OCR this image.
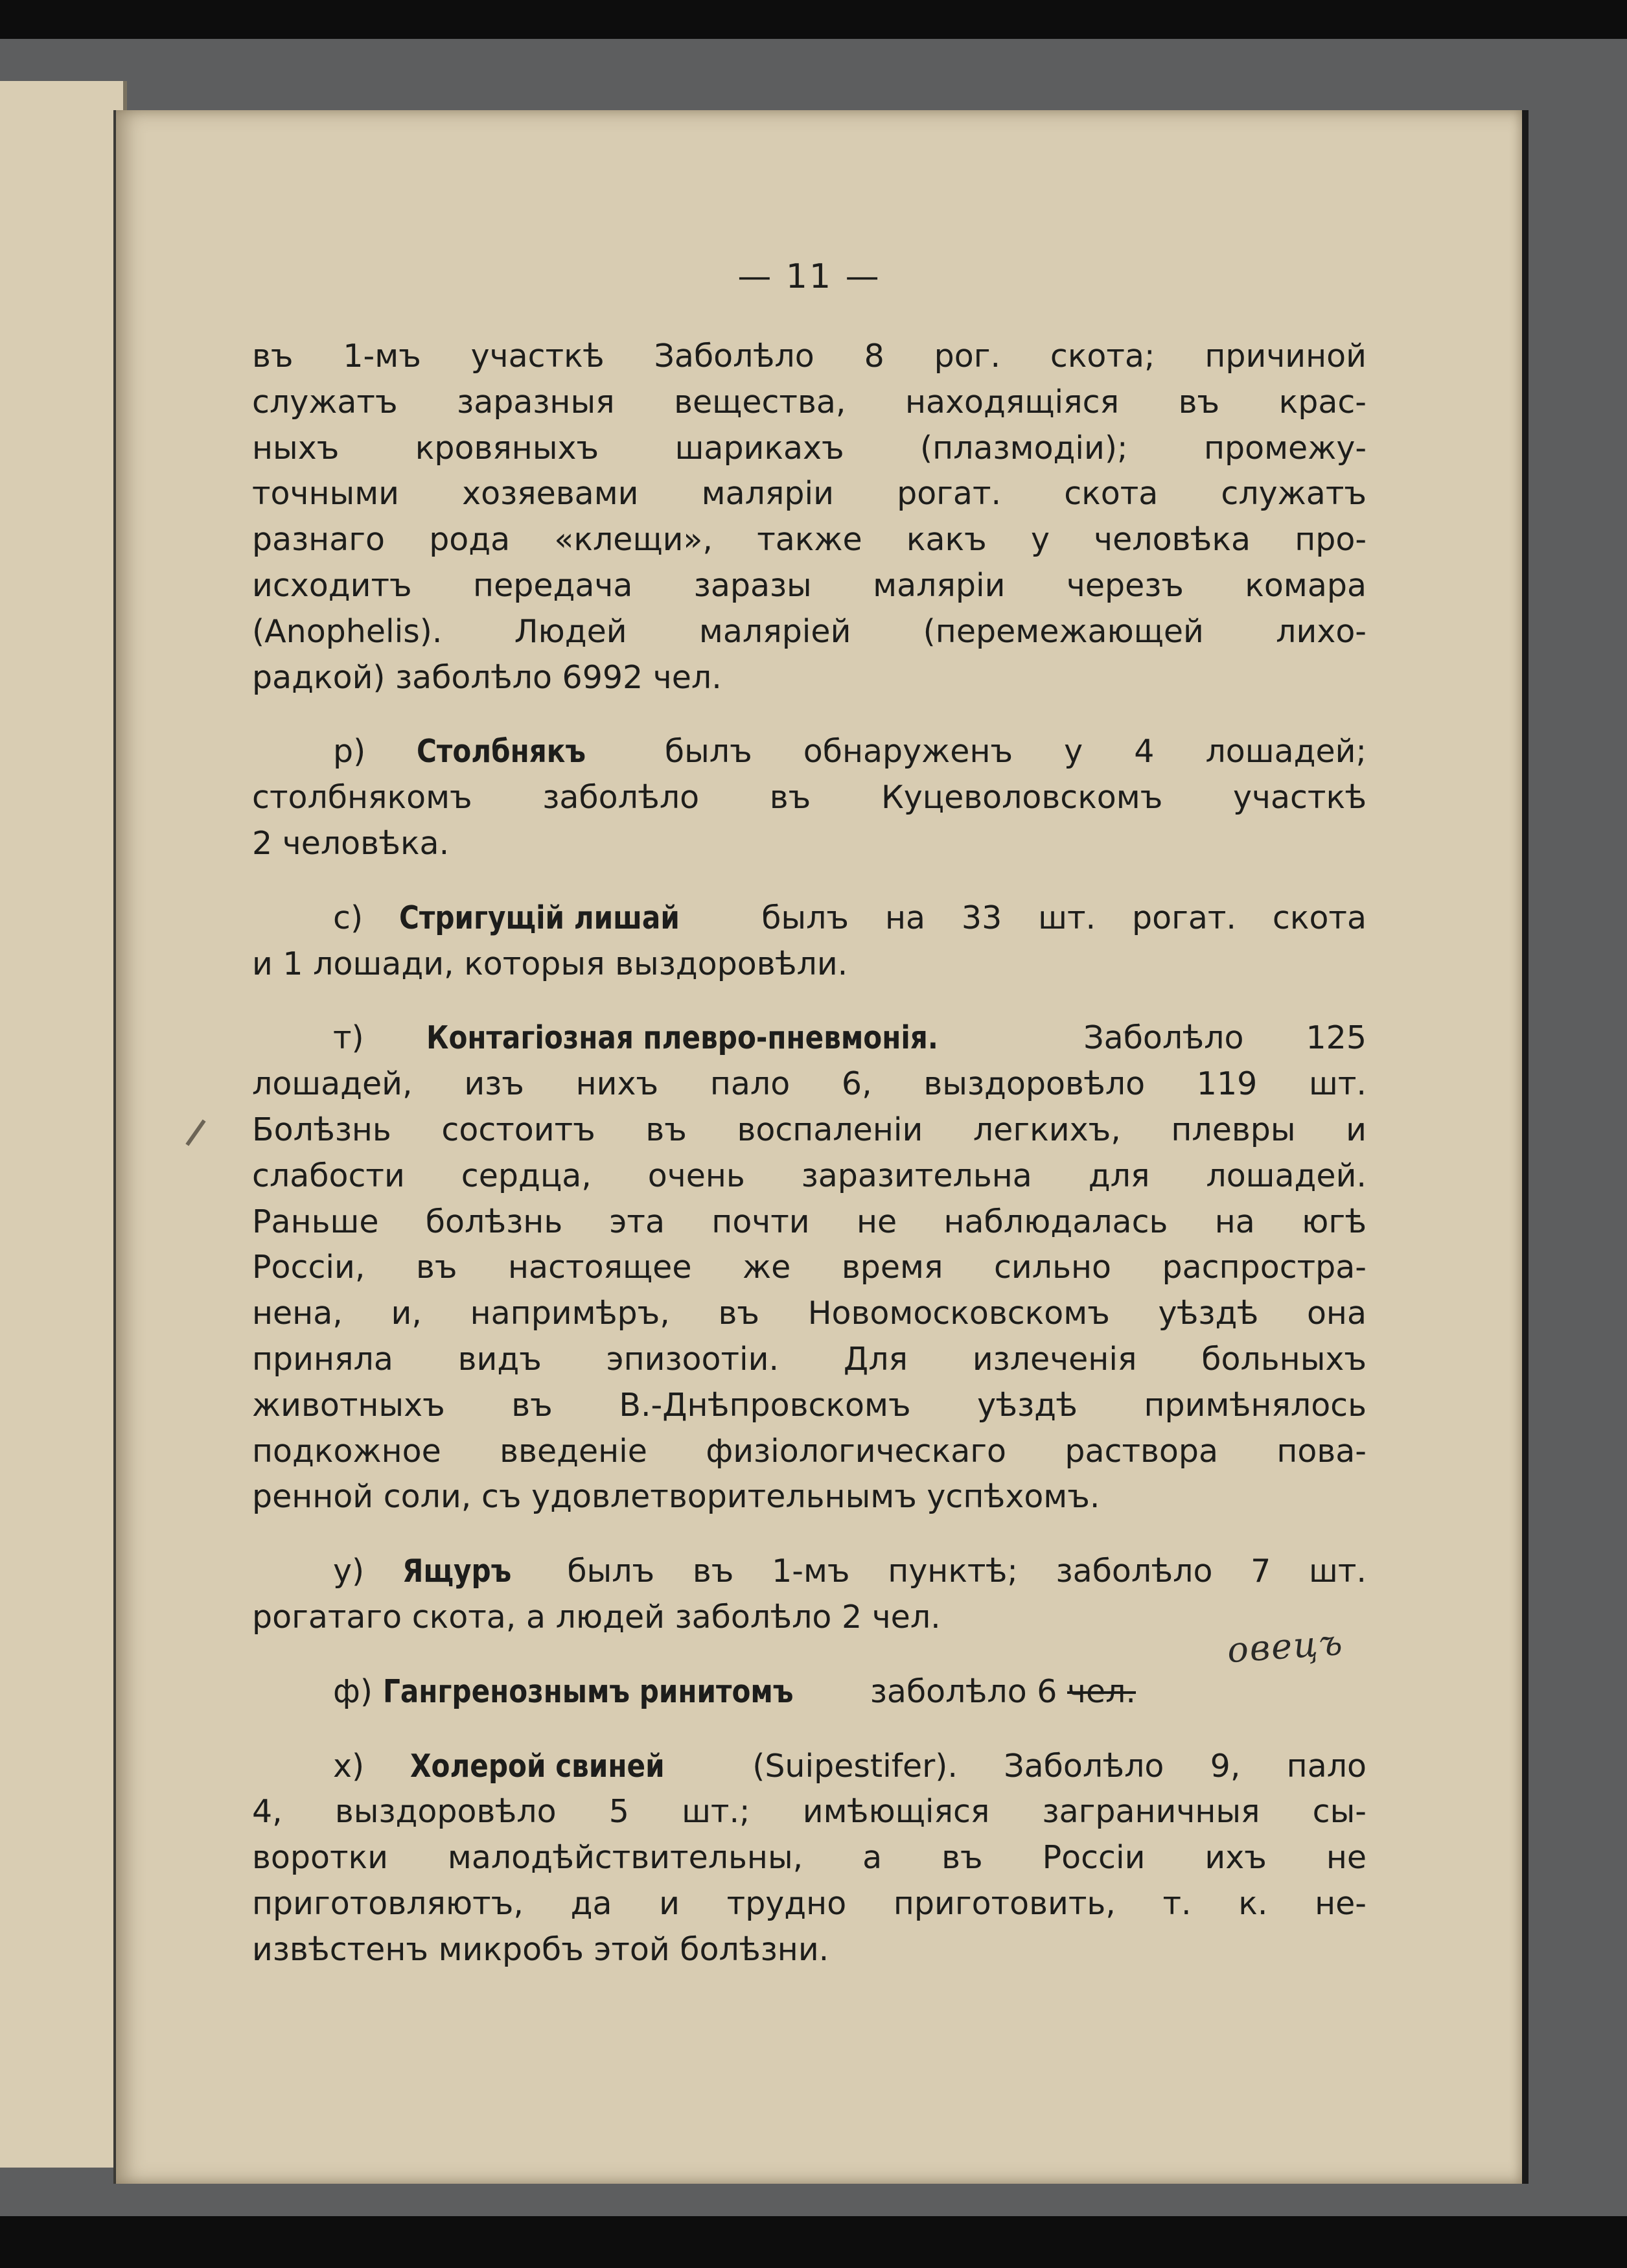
— 11 —
въ 1-мъ участкѣ Заболѣло 8 рог. скота; причиной
служатъ заразныя вещества, находящіяся въ крас-
ныхъ кровяныхъ шарикахъ (плазмодіи); промежу-
точными хозяевами маляріи рогат. скота служатъ
разнаго рода «клещи», также какъ у человѣка про-
исходитъ передача заразы маляріи черезъ комара
(Anophelis). Людей малярiей (перемежающей лихо-
радкой) заболѣло 6992 чел.
р) Столбнякъ былъ обнаруженъ у 4 лошадей;
столбнякомъ заболѣло въ Куцеволовскомъ участкѣ
2 человѣка.
с) Стригущій лишай	былъ на 33 шт. рогат. скота
и 1 лошади, которыя выздоровѣли.
т) Контагіозная плевро-пневмонія.	Заболѣло 125
лошадей, изъ нихъ пало 6, выздоровѣло 119 шт.
Болѣзнь состоитъ въ воспаленіи легкихъ, плевры и
слабости сердца, очень заразительна для лошадей.
Раньше болѣзнь эта почти не наблюдалась на югѣ
Россіи, въ настоящее же время сильно распростра-
нена, и, напримѣръ, въ Новомосковскомъ уѣздѣ она
приняла видъ эпизоотіи. Для излеченія больныхъ
животныхъ въ В.-Днѣпровскомъ уѣздѣ примѣнялось
подкожное введеніе физіологическаго раствора пова-
ренной соли, съ удовлетворительнымъ успѣхомъ.
у) Ящуръ былъ въ 1-мъ пунктѣ; заболѣло 7 шт.
рогатаго скота, а людей заболѣло 2 чел.
ф) Гангренознымъ ринитомъ заболѣло 6 чел.
овецъ
х) Холерой свиней	(Suipestifer). Заболѣло 9, пало
4, выздоровѣло 5 шт.; имѣющіяся заграничныя сы-
воротки малодѣйствительны, а въ Россіи ихъ не
приготовляютъ, да и трудно приготовить, т. к. не-
извѣстенъ микробъ этой болѣзни.
